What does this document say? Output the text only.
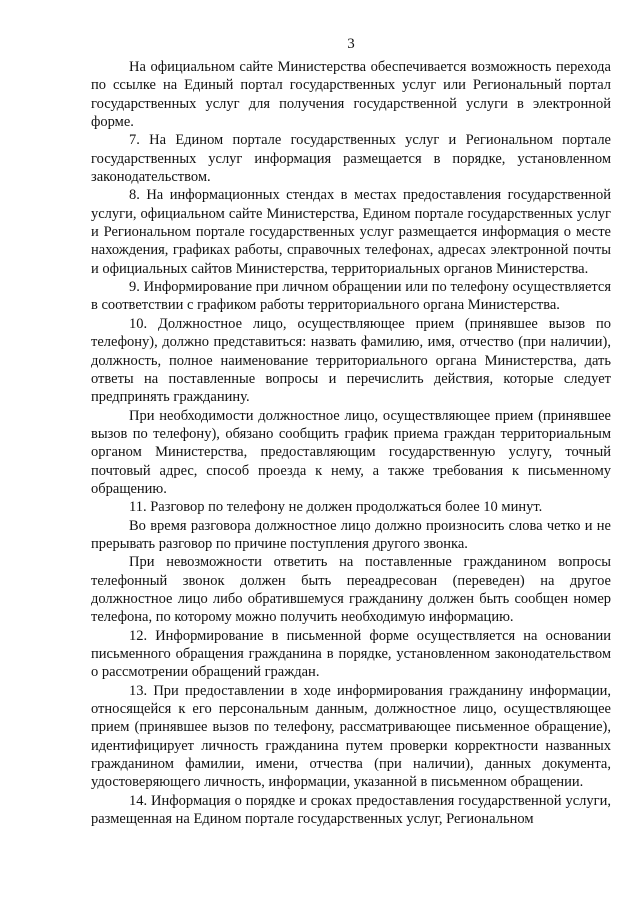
3

На официальном сайте Министерства обеспечивается возможность перехода по ссылке на Единый портал государственных услуг или Региональный портал государственных услуг для получения государственной услуги в электронной форме.

7. На Едином портале государственных услуг и Региональном портале государственных услуг информация размещается в порядке, установленном законодательством.

8. На информационных стендах в местах предоставления государственной услуги, официальном сайте Министерства, Едином портале государственных услуг и Региональном портале государственных услуг размещается информация о месте нахождения, графиках работы, справочных телефонах, адресах электронной почты и официальных сайтов Министерства, территориальных органов Министерства.

9. Информирование при личном обращении или по телефону осуществляется в соответствии с графиком работы территориального органа Министерства.

10. Должностное лицо, осуществляющее прием (принявшее вызов по телефону), должно представиться: назвать фамилию, имя, отчество (при наличии), должность, полное наименование территориального органа Министерства, дать ответы на поставленные вопросы и перечислить действия, которые следует предпринять гражданину.

При необходимости должностное лицо, осуществляющее прием (принявшее вызов по телефону), обязано сообщить график приема граждан территориальным органом Министерства, предоставляющим государственную услугу, точный почтовый адрес, способ проезда к нему, а также требования к письменному обращению.

11. Разговор по телефону не должен продолжаться более 10 минут.

Во время разговора должностное лицо должно произносить слова четко и не прерывать разговор по причине поступления другого звонка.

При невозможности ответить на поставленные гражданином вопросы телефонный звонок должен быть переадресован (переведен) на другое должностное лицо либо обратившемуся гражданину должен быть сообщен номер телефона, по которому можно получить необходимую информацию.

12. Информирование в письменной форме осуществляется на основании письменного обращения гражданина в порядке, установленном законодательством о рассмотрении обращений граждан.

13. При предоставлении в ходе информирования гражданину информации, относящейся к его персональным данным, должностное лицо, осуществляющее прием (принявшее вызов по телефону, рассматривающее письменное обращение), идентифицирует личность гражданина путем проверки корректности названных гражданином фамилии, имени, отчества (при наличии), данных документа, удостоверяющего личность, информации, указанной в письменном обращении.

14. Информация о порядке и сроках предоставления государственной услуги, размещенная на Едином портале государственных услуг, Региональном
